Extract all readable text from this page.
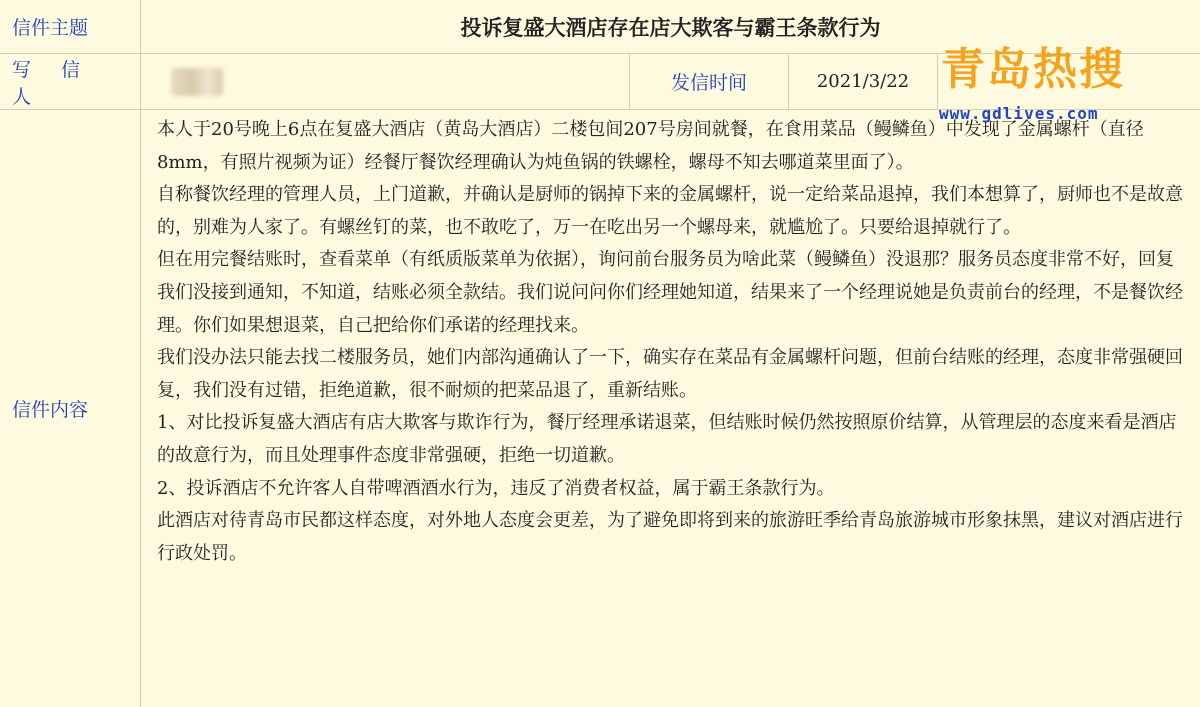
信件主题	投诉复盛大酒店存在店大欺客与霸王条款行为
写 信 人
发信时间	2021/3/22
信件内容

本人于20号晚上6点在复盛大酒店（黄岛大酒店）二楼包间207号房间就餐，在食用菜品（鳗鳞鱼）中发现了金属螺杆（直径8mm，有照片视频为证）经餐厅餐饮经理确认为炖鱼锅的铁螺栓，螺母不知去哪道菜里面了）。

自称餐饮经理的管理人员，上门道歉，并确认是厨师的锅掉下来的金属螺杆，说一定给菜品退掉，我们本想算了，厨师也不是故意的，别难为人家了。有螺丝钉的菜，也不敢吃了，万一在吃出另一个螺母来，就尴尬了。只要给退掉就行了。

但在用完餐结账时，查看菜单（有纸质版菜单为依据），询问前台服务员为啥此菜（鳗鳞鱼）没退那？服务员态度非常不好，回复我们没接到通知，不知道，结账必须全款结。我们说问问你们经理她知道，结果来了一个经理说她是负责前台的经理，不是餐饮经理。你们如果想退菜，自己把给你们承诺的经理找来。

我们没办法只能去找二楼服务员，她们内部沟通确认了一下，确实存在菜品有金属螺杆问题，但前台结账的经理，态度非常强硬回复，我们没有过错，拒绝道歉，很不耐烦的把菜品退了，重新结账。

1、对比投诉复盛大酒店有店大欺客与欺诈行为，餐厅经理承诺退菜，但结账时候仍然按照原价结算，从管理层的态度来看是酒店的故意行为，而且处理事件态度非常强硬，拒绝一切道歉。

2、投诉酒店不允许客人自带啤酒酒水行为，违反了消费者权益，属于霸王条款行为。

此酒店对待青岛市民都这样态度，对外地人态度会更差，为了避免即将到来的旅游旺季给青岛旅游城市形象抹黑，建议对酒店进行行政处罚。

青岛热搜
www.gdlives.com
